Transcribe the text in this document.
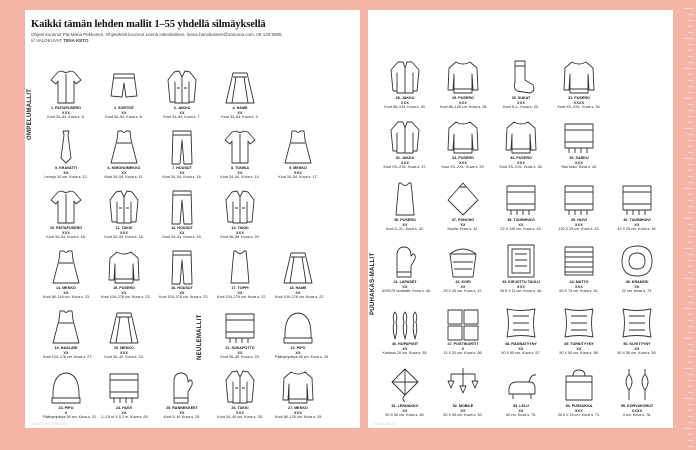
Kaikki tämän lehden mallit 1–55 yhdellä silmäyksellä
Ohjeet koonnut Pia-Maria Pekkonen. Ohjetekstit koonnut Leena Hännikäinen, leena.hannikainen@sanoma.com, 09-120 5895.
/// VALOKUVAT TIINA KETO
OMPELUMALLIT
NEULEMALLIT
1. PAITAPUSERO
XXX
Koot 34–54. Kuva s. 8.
2. SORTSIT
XX
Koot 34–54. Kuva s. 8.
3. JAKKU
XX
Koot 34–54. Kuva s. 7.
4. HAME
XX
Koot 34–54. Kuva s. 9.
5. KRAVATTI
XX
Leveys 10 cm. Kuva s. 12.
6. KIMONOMEKKO
XX
Koot 34–54. Kuva s. 11.
7. HOUSUT
XX
Koot 34–54. Kuva s. 16.
8. TUNIKA
XX
Koot 34–54. Kuva s. 14.
9. MEKKO
XXX
Koot 34–54. Kuva s. 17.
10. PAITAPUSERO
XXX
Koot 34–54. Kuva s. 18.
11. TAKKI
XXX
Koot 34–54. Kuva s. 18.
12. HOUSUT
XX
Koot 34–54. Kuva s. 19.
13. TAKKI
XXX
Koot 46–58. Kuva s. 20.
14. MEKKO
XX
Koot 86–116 cm. Kuva s. 23.
15. PUSERO
XX
Koot 104–176 cm. Kuva s. 23.
16. HOUSUT
XX
Koot 104–176 cm. Kuva s. 23.
17. TOPPI
XX
Koot 104–176 cm. Kuva s. 22.
18. HAME
XX
Koot 104–176 cm. Kuva s. 22.
19. HAALARI
XX
Koot 104–176 cm. Kuva s. 27.
20. MEKKO
XXX
Koot 36–42. Kuva s. 24.
21. SUKAPOTTO
XX
Koot 36–40. Kuva s. 25.
22. PIPO
XX
Päänympärys 46 cm. Kuva s. 25.
23. PIPO
X
Päänympärys 54 cm. Kuva s. 31.
24. HUIVI
XX
1–1,5 m X 0,2 m. Kuva s. 26.
25. RANNEKKEET
XX
Koot S–M. Kuva s. 29.
26. TAKKI
XXX
Koot 34–40 cm. Kuva s. 28.
27. MEKKO
XXX
Koot 86–120 cm. Kuva s. 29.
LEHDEN PATTERN PAGE
PUUHAKAS-MALLIT
28. JAKKU
XXX
Koot 98–134. Kuva s. 30.
29. PUSERO
XXX
Koot 86–128 cm. Kuva s. 28.
30. SUKAT
XXX
Koot S–L. Kuva s. 33.
31. PUSERO
XXXX
Koot XS–XXL. Kuva s. 36.
32. JAKKU
XXX
Koot XS–XXL. Kuva s. 37.
33. PUSERO
XXX
Koot XS–XXL. Kuva s. 39.
34. PUSERO
XXX
Koot XS–XXL. Kuva s. 38.
35. SARKU
XXX
Yksi koko. Kuva s. 40.
36. PUSERO
XX
Koot S–XL. Kuva s. 42.
37. PONCHO
XX
Noulla. Kuva s. 42.
38. TUUBIHUIVI
XX
22 X 140 cm. Kuva s. 43.
39. HUIVI
XXX
120 X 15 cm. Kuva s. 43.
40. TUUBIHUIVI
XX
42 X 25 cm. Kuva s. 44.
41. LAPASET
XX
6/SS/75 vuotiaille. Kuva s. 46.
42. KORI
XX
25 X 25 cm. Kuva s. 47.
43. KIRJOTTU TAULU
XXX
35,5 X 11 cm. Kuva s. 48.
44. MATTO
XXX
83 X 75 cm. Kuva s. 52.
45. KRANSSI
XX
22 cm. Kuva s. 73.
46. HOPAPIGIT
XX
Korkeus 20 cm. Kuva s. 55.
47. POSTIKORTIT
X
12 X 20 cm. Kuva s. 56.
48. RAGNATYYNY
XX
50 X 50 cm. Kuva s. 57.
49. TURKITYYNY
XX
50 X 50 cm. Kuva s. 58.
50. KUVITYYNY
XX
50 X 50 cm. Kuva s. 59.
51. LENNAKKO
XX
50 X 50 cm. Kuva s. 65.
52. MOBILE
XX
50 X 50 cm. Kuva s. 62.
53. LELU
XX
40 cm. Kuva s. 75.
54. PUSSUKKA
XXX
25,5 X 15 cm. Kuva s. 71.
55. KORVAKORUT
XXXX
4 cm. Kuva s. 78.
KAIKKI MALLIT
Ompelumallit • Kolmikko XX • Helppo neulottava XXX • Vaativa malli XXXX • Grafiikka
